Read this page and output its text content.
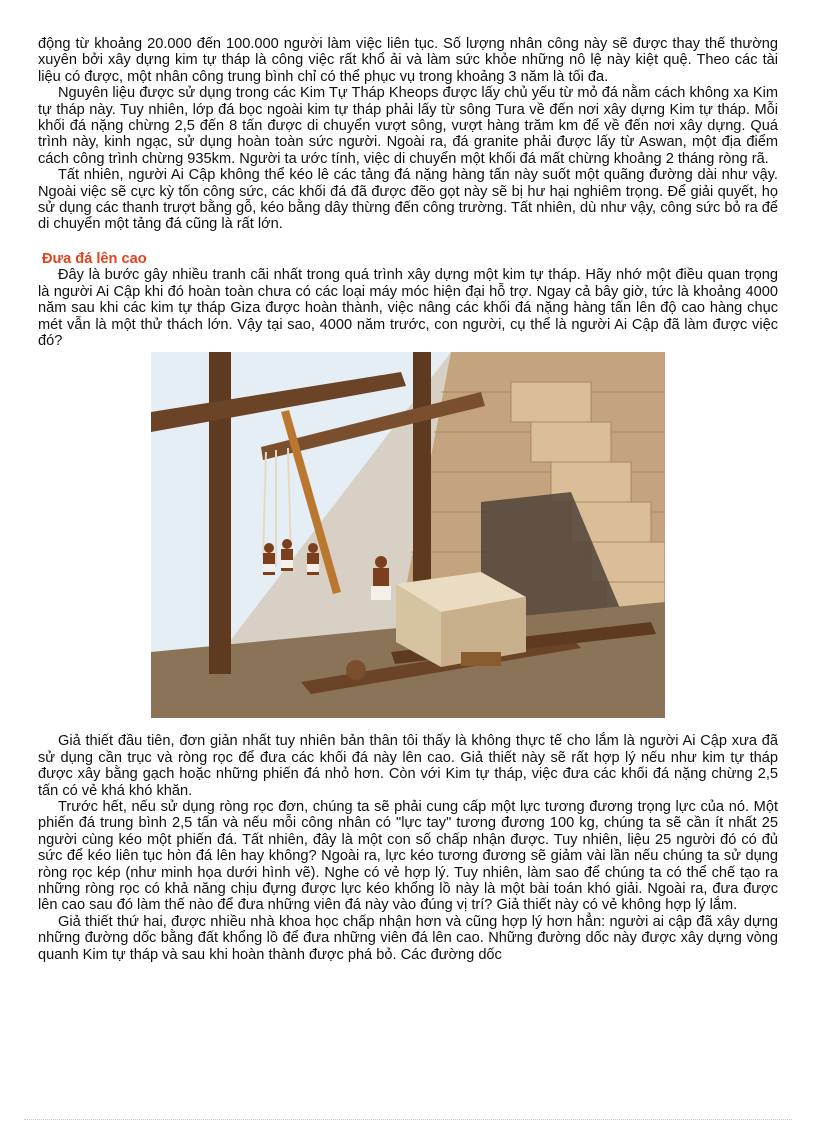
động từ khoảng 20.000 đến 100.000 người làm việc liên tục. Số lượng nhân công này sẽ được thay thế thường xuyên bởi xây dựng kim tự tháp là công việc rất khổ ải và làm sức khỏe những nô lệ này kiệt quệ. Theo các tài liệu có được, một nhân công trung bình chỉ có thể phục vụ trong khoảng 3 năm là tối đa.

Nguyên liệu được sử dụng trong các Kim Tự Tháp Kheops được lấy chủ yếu từ mỏ đá nằm cách không xa Kim tự tháp này. Tuy nhiên, lớp đá bọc ngoài kim tự tháp phải lấy từ sông Tura về đến nơi xây dựng Kim tự tháp. Mỗi khối đá nặng chừng 2,5 đến 8 tấn được di chuyển vượt sông, vượt hàng trăm km để về đến nơi xây dựng. Quá trình này, kinh ngạc, sử dụng hoàn toàn sức người. Ngoài ra, đá granite phải được lấy từ Aswan, một địa điểm cách công trình chừng 935km. Người ta ước tính, việc di chuyển một khối đá mất chừng khoảng 2 tháng ròng rã.

Tất nhiên, người Ai Cập không thể kéo lê các tảng đá nặng hàng tấn này suốt một quãng đường dài như vậy. Ngoài việc sẽ cực kỳ tốn công sức, các khối đá đã được đẽo gọt này sẽ bị hư hại nghiêm trọng. Để giải quyết, họ sử dụng các thanh trượt bằng gỗ, kéo bằng dây thừng đến công trường. Tất nhiên, dù như vậy, công sức bỏ ra để di chuyển một tảng đá cũng là rất lớn.

Đưa đá lên cao

Đây là bước gây nhiều tranh cãi nhất trong quá trình xây dựng một kim tự tháp. Hãy nhớ một điều quan trọng là người Ai Cập khi đó hoàn toàn chưa có các loại máy móc hiện đại hỗ trợ. Ngay cả bây giờ, tức là khoảng 4000 năm sau khi các kim tự tháp Giza được hoàn thành, việc nâng các khối đá nặng hàng tấn lên độ cao hàng chục mét vẫn là một thử thách lớn. Vậy tại sao, 4000 năm trước, con người, cụ thể là người Ai Cập đã làm được việc đó?

Giả thiết đầu tiên, đơn giản nhất tuy nhiên bản thân tôi thấy là không thực tế cho lắm là người Ai Cập xưa đã sử dụng cần trục và ròng rọc để đưa các khối đá này lên cao. Giả thiết này sẽ rất hợp lý nếu như kim tự tháp được xây bằng gạch hoặc những phiến đá nhỏ hơn. Còn với Kim tự tháp, việc đưa các khối đá nặng chừng 2,5 tấn có vẻ khá khó khăn.

Trước hết, nếu sử dụng ròng rọc đơn, chúng ta sẽ phải cung cấp một lực tương đương trọng lực của nó. Một phiến đá trung bình 2,5 tấn và nếu mỗi công nhân có "lực tay" tương đương 100 kg, chúng ta sẽ cần ít nhất 25 người cùng kéo một phiến đá. Tất nhiên, đây là một con số chấp nhận được. Tuy nhiên, liệu 25 người đó có đủ sức để kéo liên tục hòn đá lên hay không? Ngoài ra, lực kéo tương đương sẽ giảm vài lần nếu chúng ta sử dụng ròng rọc kép (như minh họa dưới hình vẽ). Nghe có vẻ hợp lý. Tuy nhiên, làm sao để chúng ta có thể chế tạo ra những ròng rọc có khả năng chịu đựng được lực kéo khổng lồ này là một bài toán khó giải. Ngoài ra, đưa được lên cao sau đó làm thế nào để đưa những viên đá này vào đúng vị trí? Giả thiết này có vẻ không hợp lý lắm.

Giả thiết thứ hai, được nhiều nhà khoa học chấp nhận hơn và cũng hợp lý hơn hẳn: người ai cập đã xây dựng những đường dốc bằng đất khổng lồ để đưa những viên đá lên cao. Những đường dốc này được xây dựng vòng quanh Kim tự tháp và sau khi hoàn thành được phá bỏ. Các đường dốc
